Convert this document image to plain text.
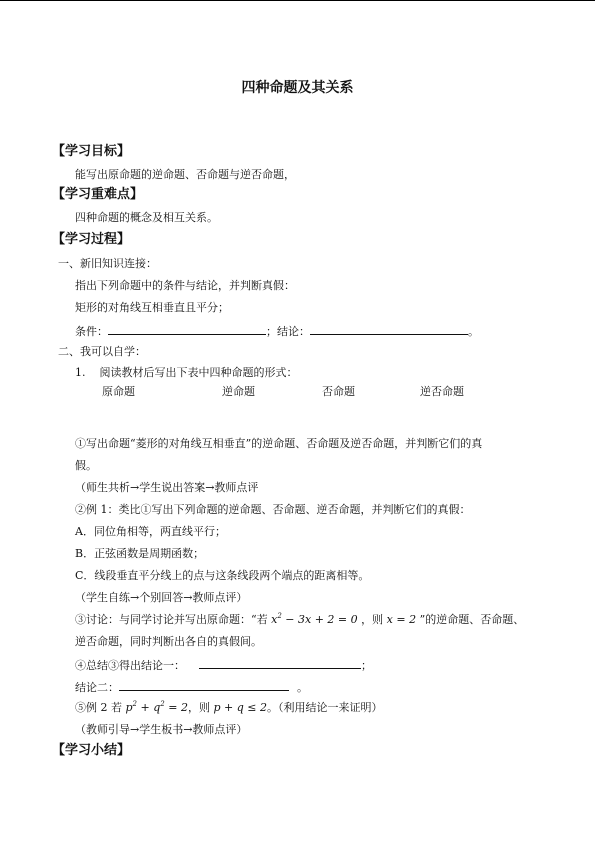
四种命题及其关系
【学习目标】
能写出原命题的逆命题、否命题与逆否命题，
【学习重难点】
四种命题的概念及相互关系。
【学习过程】
一、新旧知识连接：
指出下列命题中的条件与结论，并判断真假：
矩形的对角线互相垂直且平分；
条件：	；结论：	。
二、我可以自学：
1. 阅读教材后写出下表中四种命题的形式：
原命题	逆命题	否命题	逆否命题
①写出命题“菱形的对角线互相垂直”的逆命题、否命题及逆否命题，并判断它们的真
假。
（师生共析→学生说出答案→教师点评
②例 1：类比①写出下列命题的逆命题、否命题、逆否命题，并判断它们的真假：
A．同位角相等，两直线平行；
B．正弦函数是周期函数；
C．线段垂直平分线上的点与这条线段两个端点的距离相等。
（学生自练→个别回答→教师点评）
③讨论：与同学讨论并写出原命题：“若 $x^2 - 3x + 2 = 0$ ，则 x = 2 ”的逆命题、否命题、
逆否命题，同时判断出各自的真假间。
④总结③得出结论一：	；
结论二：	。
⑤例 2 若 $p^2 + q^2 = 2$，则 p + q ≤ 2。（利用结论一来证明）
（教师引导→学生板书→教师点评）
【学习小结】
